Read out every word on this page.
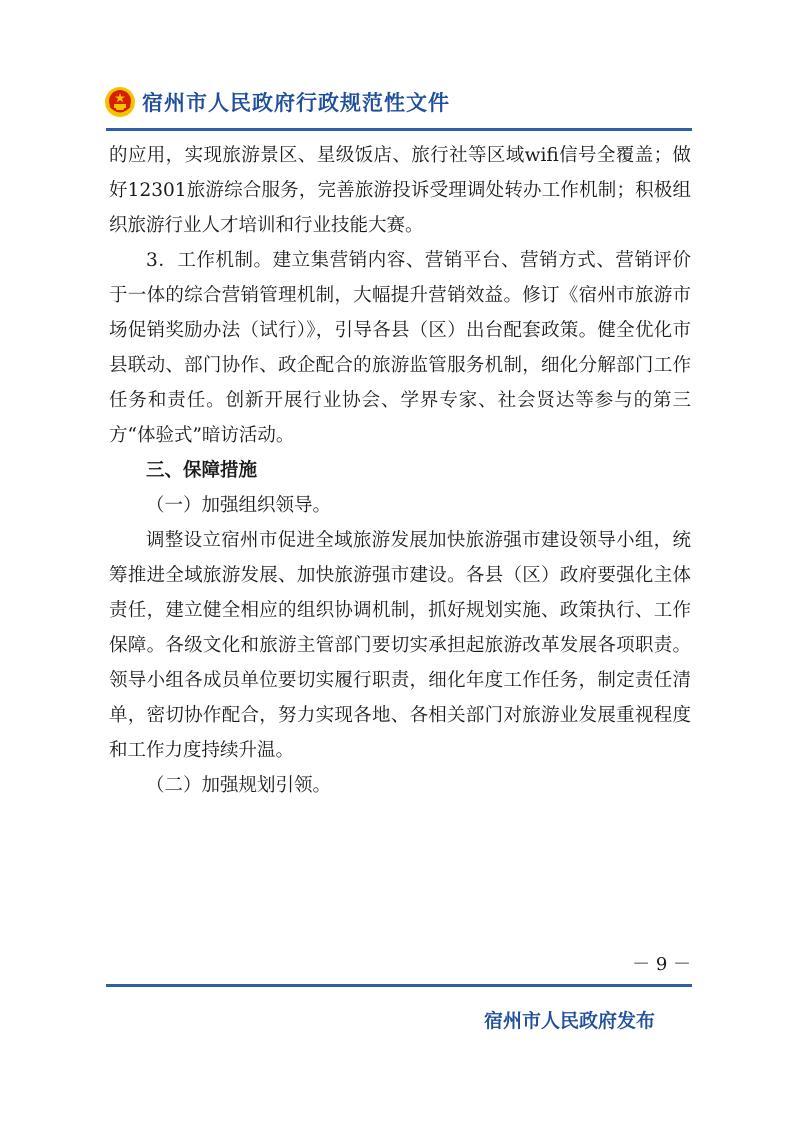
宿州市人民政府行政规范性文件

的应用，实现旅游景区、星级饭店、旅行社等区域wifi信号全覆盖；做好12301旅游综合服务，完善旅游投诉受理调处转办工作机制；积极组织旅游行业人才培训和行业技能大赛。

3．工作机制。建立集营销内容、营销平台、营销方式、营销评价于一体的综合营销管理机制，大幅提升营销效益。修订《宿州市旅游市场促销奖励办法（试行）》，引导各县（区）出台配套政策。健全优化市县联动、部门协作、政企配合的旅游监管服务机制，细化分解部门工作任务和责任。创新开展行业协会、学界专家、社会贤达等参与的第三方“体验式”暗访活动。

三、保障措施

（一）加强组织领导。

调整设立宿州市促进全域旅游发展加快旅游强市建设领导小组，统筹推进全域旅游发展、加快旅游强市建设。各县（区）政府要强化主体责任，建立健全相应的组织协调机制，抓好规划实施、政策执行、工作保障。各级文化和旅游主管部门要切实承担起旅游改革发展各项职责。领导小组各成员单位要切实履行职责，细化年度工作任务，制定责任清单，密切协作配合，努力实现各地、各相关部门对旅游业发展重视程度和工作力度持续升温。

（二）加强规划引领。

－ 9 －
宿州市人民政府发布
